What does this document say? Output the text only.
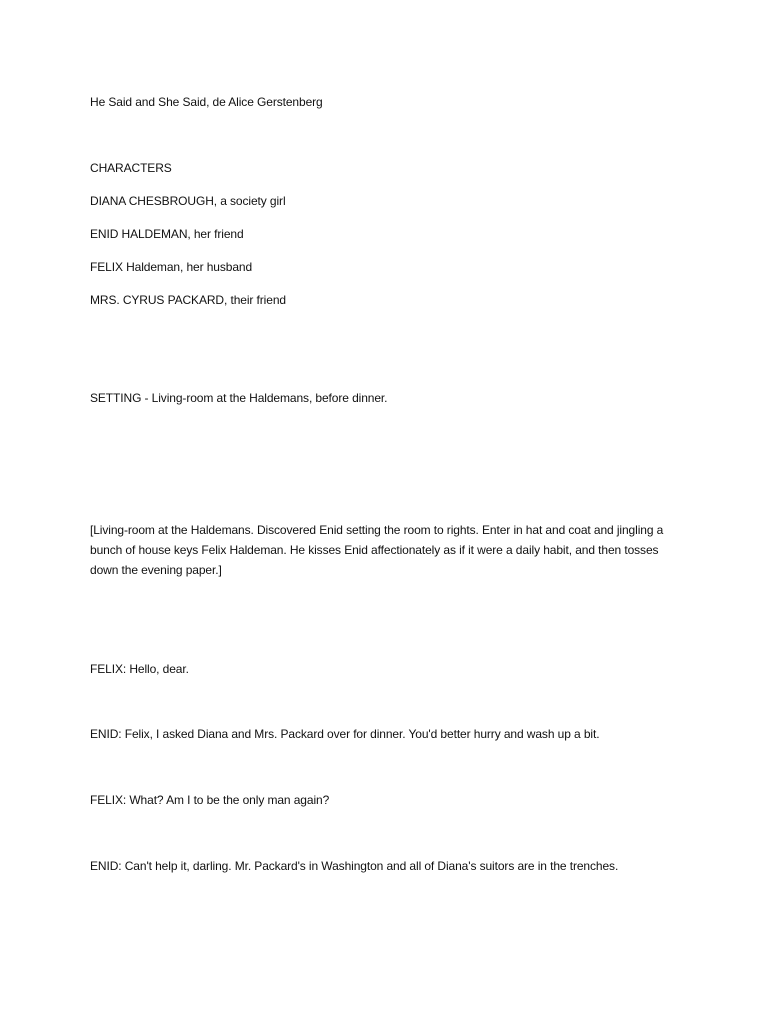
He Said and She Said, de Alice Gerstenberg

CHARACTERS

DIANA CHESBROUGH, a society girl

ENID HALDEMAN, her friend

FELIX Haldeman, her husband

MRS. CYRUS PACKARD, their friend

SETTING - Living-room at the Haldemans, before dinner.

[Living-room at the Haldemans. Discovered Enid setting the room to rights. Enter in hat and coat and jingling a bunch of house keys Felix Haldeman. He kisses Enid affectionately as if it were a daily habit, and then tosses down the evening paper.]

FELIX: Hello, dear.

ENID: Felix, I asked Diana and Mrs. Packard over for dinner. You'd better hurry and wash up a bit.

FELIX: What? Am I to be the only man again?

ENID: Can't help it, darling. Mr. Packard's in Washington and all of Diana's suitors are in the trenches.
